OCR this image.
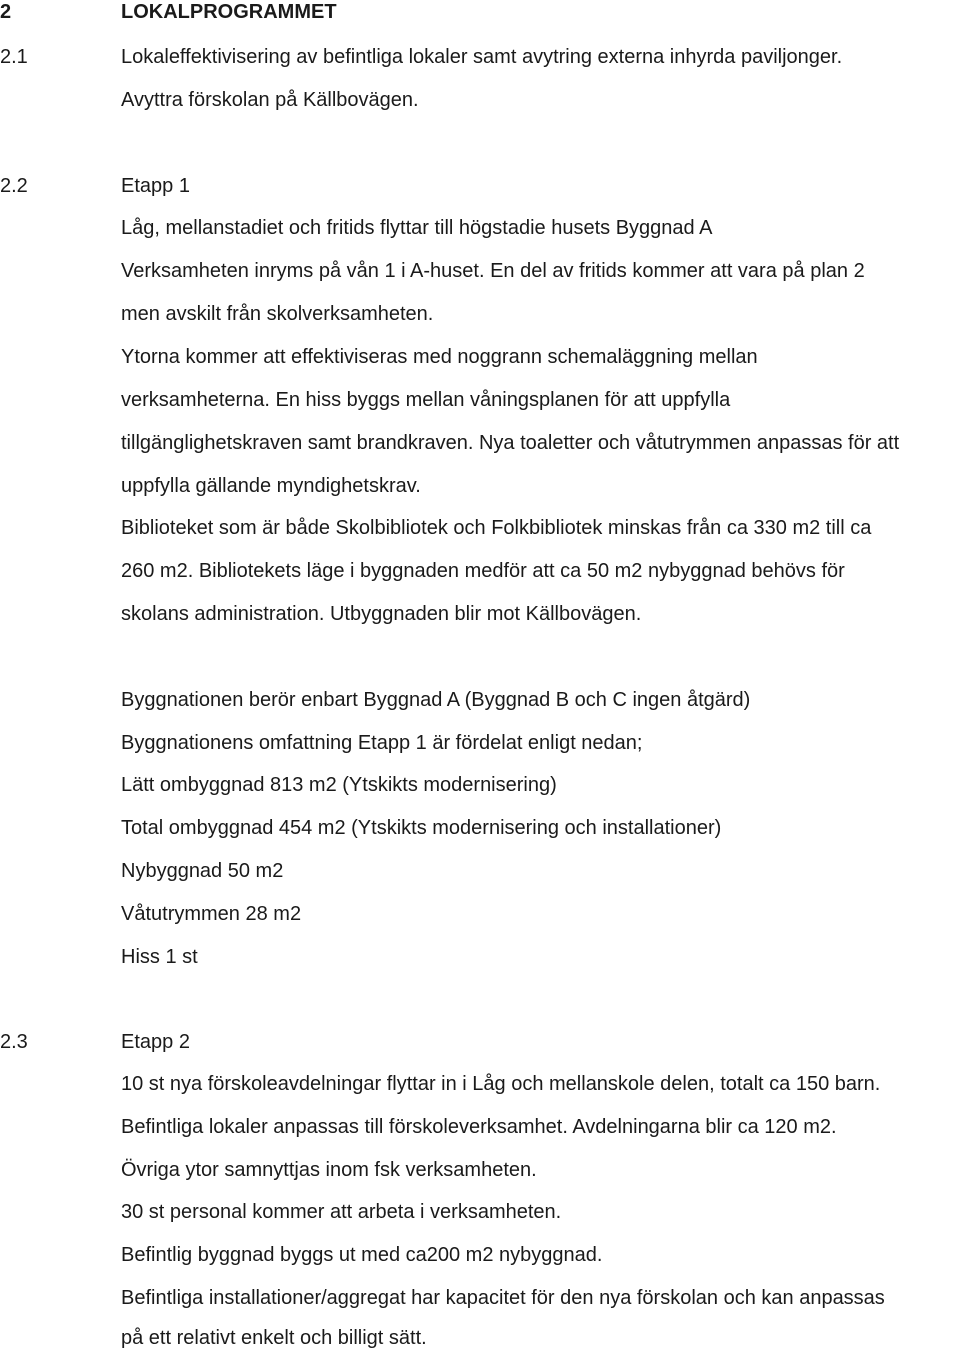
2	LOKALPROGRAMMET
2.1	Lokaleffektivisering av befintliga lokaler samt avytring externa inhyrda paviljonger.
Avyttra förskolan på Källbovägen.
2.2	Etapp 1
Låg, mellanstadiet och fritids flyttar till högstadie husets Byggnad A
Verksamheten inryms på vån 1 i A-huset. En del av fritids kommer att vara på plan 2
men avskilt från skolverksamheten.
Ytorna kommer att effektiviseras med noggrann schemaläggning mellan
verksamheterna. En hiss byggs mellan våningsplanen för att uppfylla
tillgänglighetskraven samt brandkraven. Nya toaletter och våtutrymmen anpassas för att
uppfylla gällande myndighetskrav.
Biblioteket som är både Skolbibliotek och Folkbibliotek minskas från ca 330 m2 till ca
260 m2. Bibliotekets läge i byggnaden medför att ca 50 m2 nybyggnad behövs för
skolans administration. Utbyggnaden blir mot Källbovägen.
Byggnationen berör enbart Byggnad A (Byggnad B och C ingen åtgärd)
Byggnationens omfattning Etapp 1 är fördelat enligt nedan;
Lätt ombyggnad 813 m2 (Ytskikts modernisering)
Total ombyggnad 454 m2 (Ytskikts modernisering och installationer)
Nybyggnad 50 m2
Våtutrymmen 28 m2
Hiss 1 st
2.3	Etapp 2
10 st nya förskoleavdelningar flyttar in i Låg och mellanskole delen, totalt ca 150 barn.
Befintliga lokaler anpassas till förskoleverksamhet. Avdelningarna blir ca 120 m2.
Övriga ytor samnyttjas inom fsk verksamheten.
30 st personal kommer att arbeta i verksamheten.
Befintlig byggnad byggs ut med ca200 m2 nybyggnad.
Befintliga installationer/aggregat har kapacitet för den nya förskolan och kan anpassas
på ett relativt enkelt och billigt sätt.
